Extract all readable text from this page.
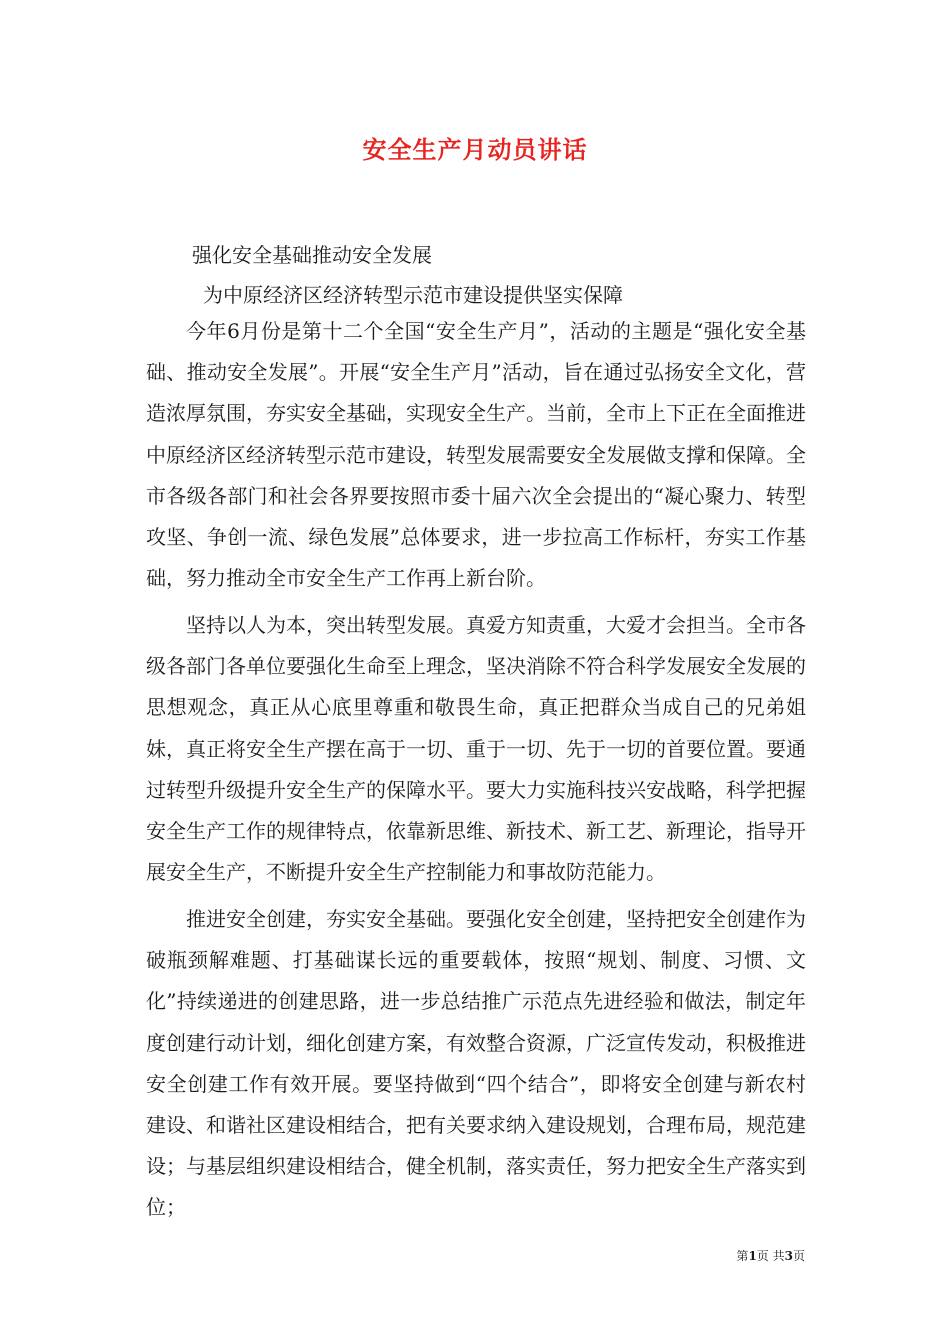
安全生产月动员讲话
强化安全基础推动安全发展
为中原经济区经济转型示范市建设提供坚实保障

今年6月份是第十二个全国“安全生产月”，活动的主题是“强化安全基础、推动安全发展”。开展“安全生产月”活动，旨在通过弘扬安全文化，营造浓厚氛围，夯实安全基础，实现安全生产。当前，全市上下正在全面推进中原经济区经济转型示范市建设，转型发展需要安全发展做支撑和保障。全市各级各部门和社会各界要按照市委十届六次全会提出的“凝心聚力、转型攻坚、争创一流、绿色发展”总体要求，进一步拉高工作标杆，夯实工作基础，努力推动全市安全生产工作再上新台阶。

坚持以人为本，突出转型发展。真爱方知责重，大爱才会担当。全市各级各部门各单位要强化生命至上理念，坚决消除不符合科学发展安全发展的思想观念，真正从心底里尊重和敬畏生命，真正把群众当成自己的兄弟姐妹，真正将安全生产摆在高于一切、重于一切、先于一切的首要位置。要通过转型升级提升安全生产的保障水平。要大力实施科技兴安战略，科学把握安全生产工作的规律特点，依靠新思维、新技术、新工艺、新理论，指导开展安全生产，不断提升安全生产控制能力和事故防范能力。

推进安全创建，夯实安全基础。要强化安全创建，坚持把安全创建作为破瓶颈解难题、打基础谋长远的重要载体，按照“规划、制度、习惯、文化”持续递进的创建思路，进一步总结推广示范点先进经验和做法，制定年度创建行动计划，细化创建方案，有效整合资源，广泛宣传发动，积极推进安全创建工作有效开展。要坚持做到“四个结合”，即将安全创建与新农村建设、和谐社区建设相结合，把有关要求纳入建设规划，合理布局，规范建设；与基层组织建设相结合，健全机制，落实责任，努力把安全生产落实到位；

第1页 共3页
